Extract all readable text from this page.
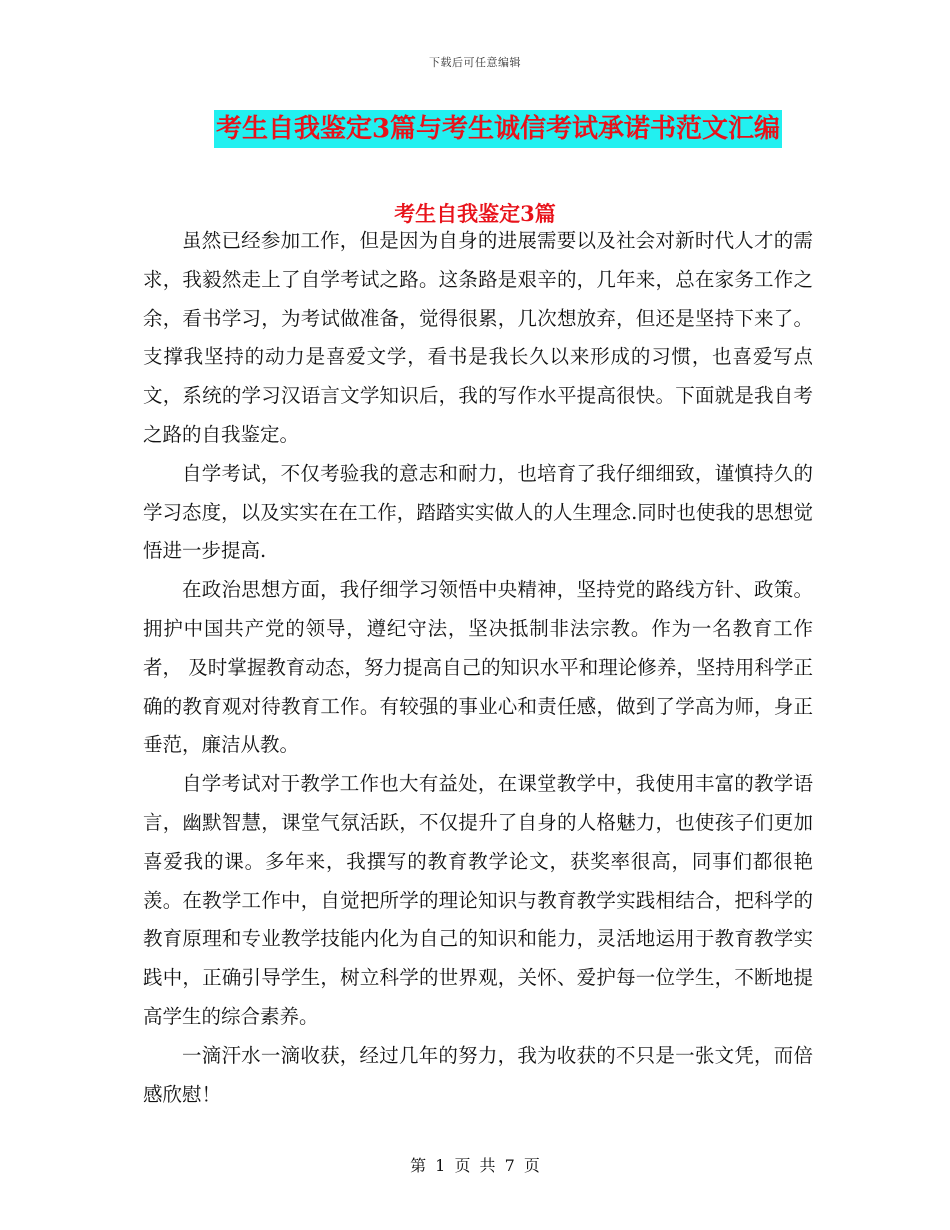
下载后可任意编辑
考生自我鉴定3篇与考生诚信考试承诺书范文汇编
考生自我鉴定3篇

虽然已经参加工作，但是因为自身的进展需要以及社会对新时代人才的需求，我毅然走上了自学考试之路。这条路是艰辛的，几年来，总在家务工作之余，看书学习，为考试做准备，觉得很累，几次想放弃，但还是坚持下来了。支撑我坚持的动力是喜爱文学，看书是我长久以来形成的习惯，也喜爱写点文，系统的学习汉语言文学知识后，我的写作水平提高很快。下面就是我自考之路的自我鉴定。

自学考试，不仅考验我的意志和耐力，也培育了我仔细细致，谨慎持久的学习态度，以及实实在在工作，踏踏实实做人的人生理念.同时也使我的思想觉悟进一步提高.

在政治思想方面，我仔细学习领悟中央精神，坚持党的路线方针、政策。拥护中国共产党的领导，遵纪守法，坚决抵制非法宗教。作为一名教育工作者， 及时掌握教育动态，努力提高自己的知识水平和理论修养，坚持用科学正确的教育观对待教育工作。有较强的事业心和责任感，做到了学高为师，身正垂范，廉洁从教。

自学考试对于教学工作也大有益处，在课堂教学中，我使用丰富的教学语言，幽默智慧，课堂气氛活跃，不仅提升了自身的人格魅力，也使孩子们更加喜爱我的课。多年来，我撰写的教育教学论文，获奖率很高，同事们都很艳羡。在教学工作中，自觉把所学的理论知识与教育教学实践相结合，把科学的教育原理和专业教学技能内化为自己的知识和能力，灵活地运用于教育教学实践中，正确引导学生，树立科学的世界观，关怀、爱护每一位学生，不断地提高学生的综合素养。

一滴汗水一滴收获，经过几年的努力，我为收获的不只是一张文凭，而倍感欣慰！

第 1 页 共 7 页
